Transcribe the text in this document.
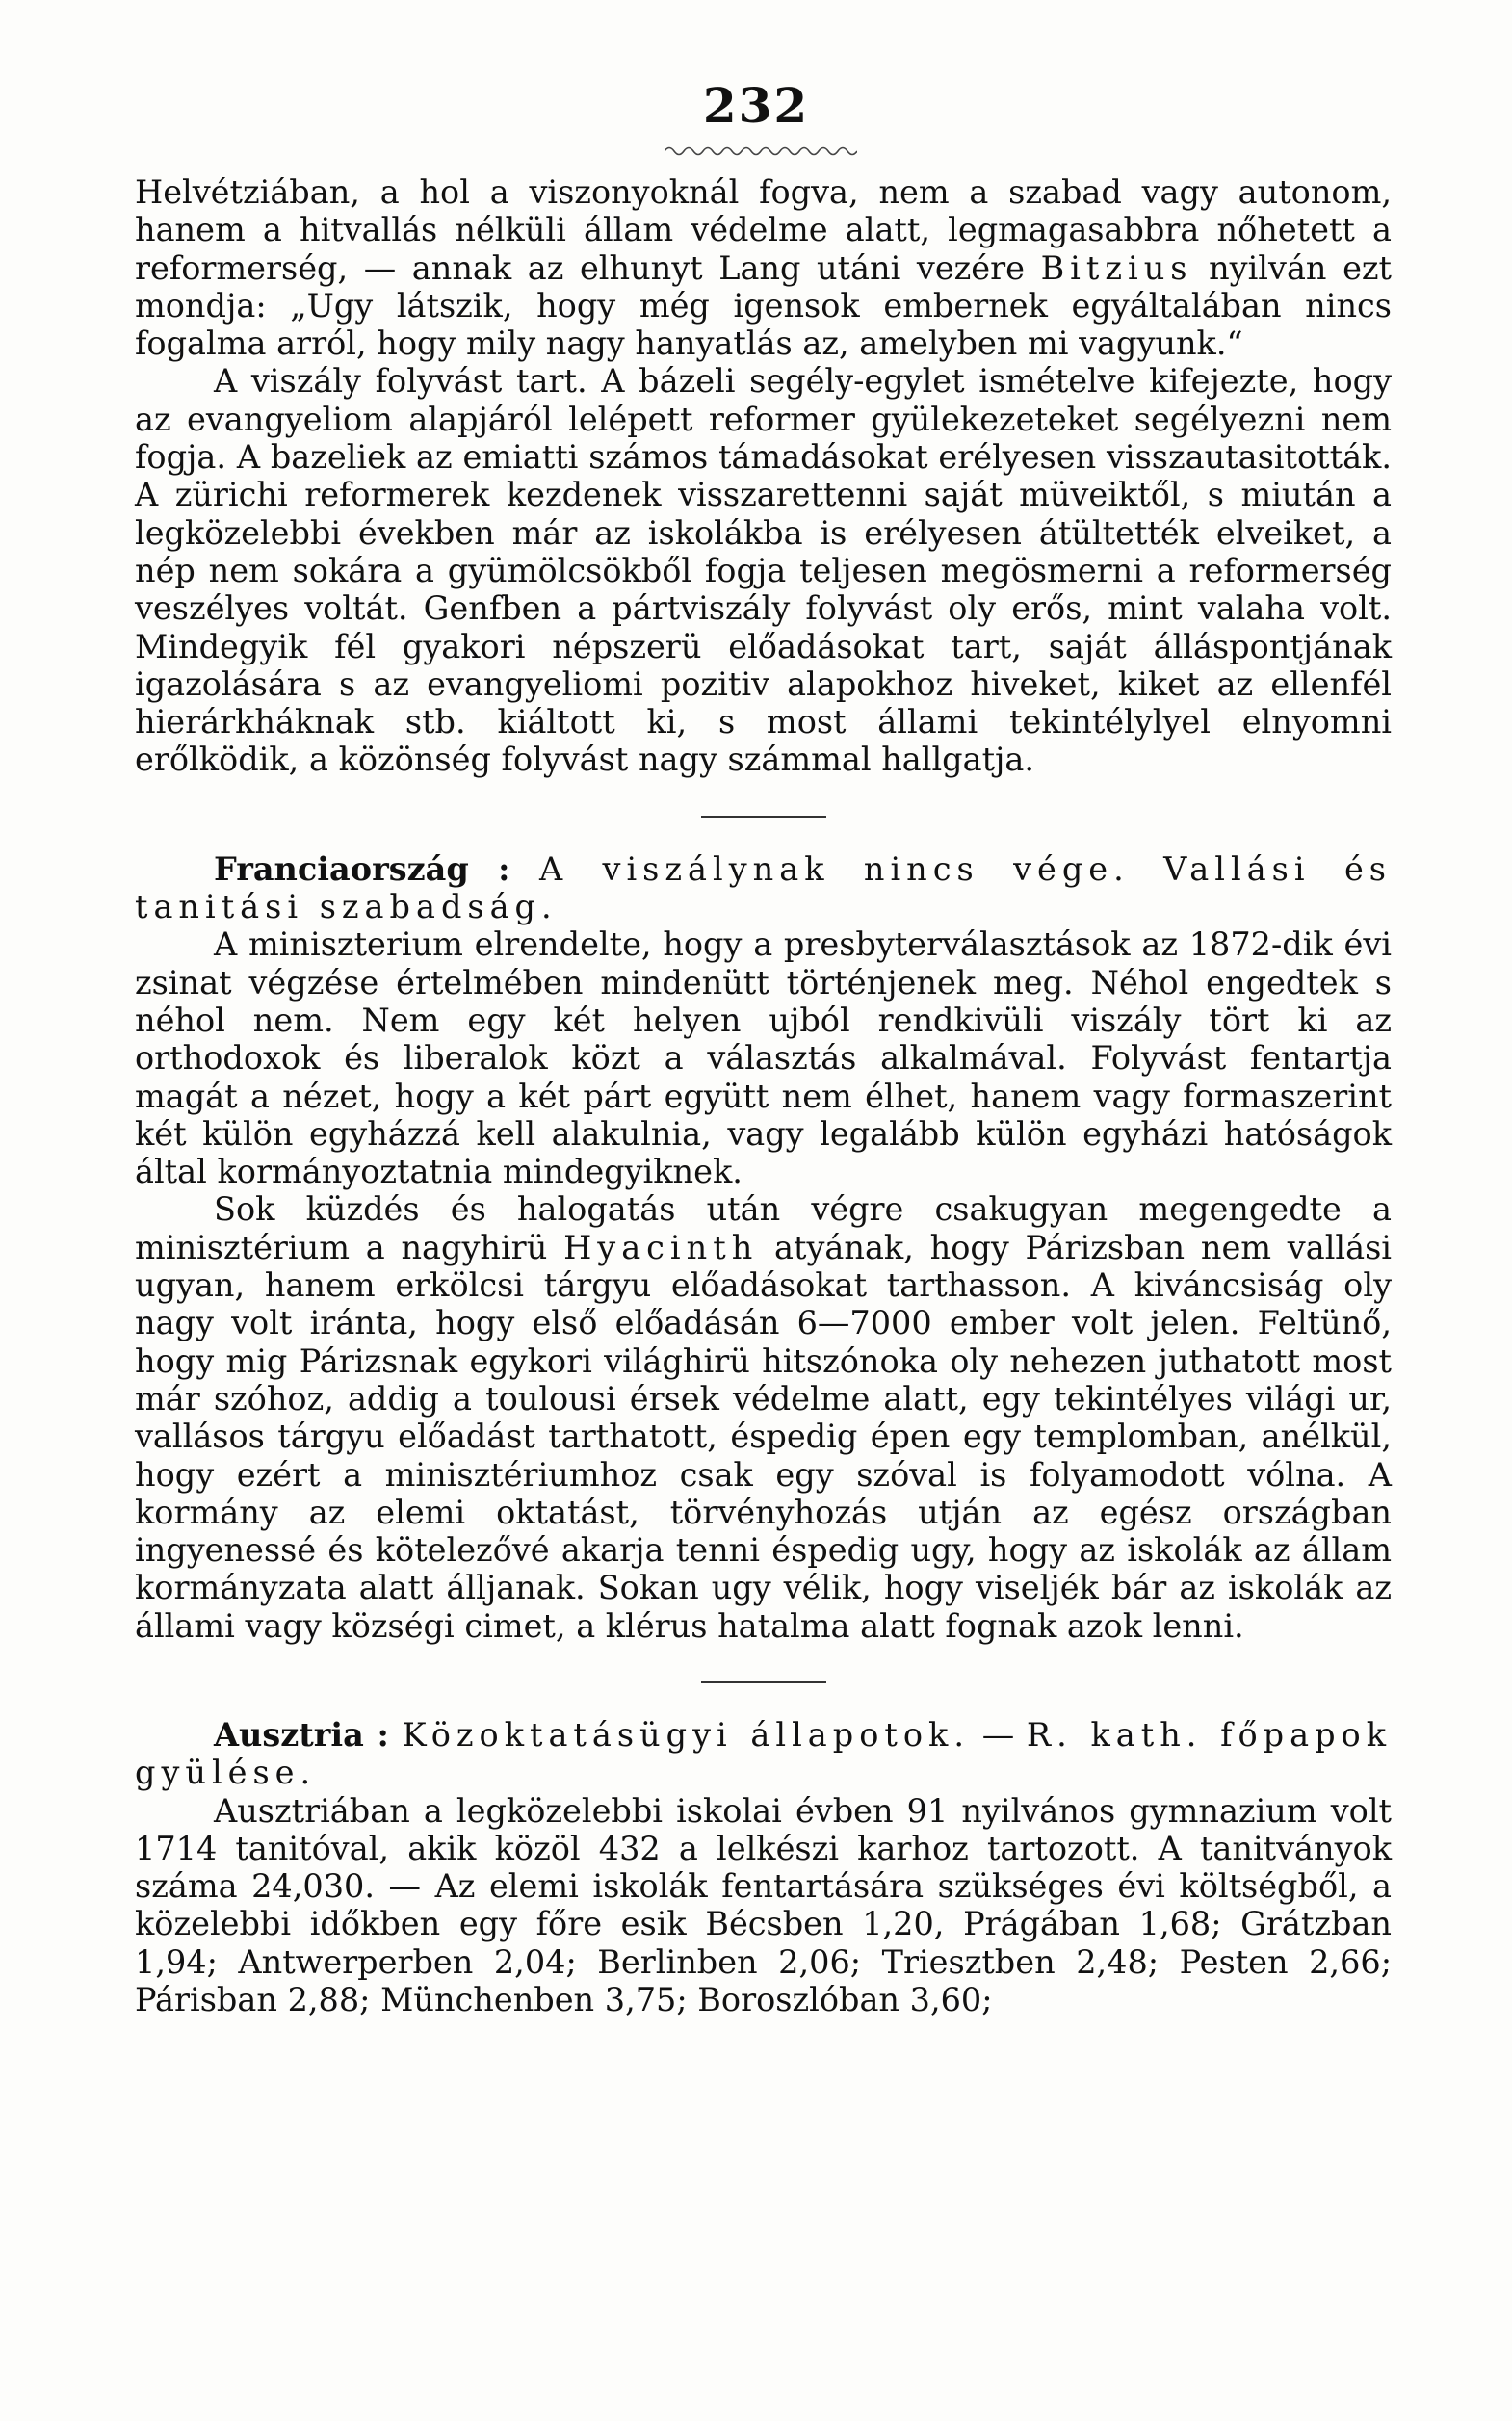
232

Helvétziában, a hol a viszonyoknál fogva, nem a szabad vagy autonom, hanem a hitvallás nélküli állam védelme alatt, legmagasabbra nőhetett a reformerség, — annak az elhunyt Lang utáni vezére Bitzius nyilván ezt mondja: „Ugy látszik, hogy még igensok embernek egyáltalában nincs fogalma arról, hogy mily nagy hanyatlás az, amelyben mi vagyunk.“

A viszály folyvást tart. A bázeli segély-egylet ismételve kifejezte, hogy az evangyeliom alapjáról lelépett reformer gyülekezeteket segélyezni nem fogja. A bazeliek az emiatti számos támadásokat erélyesen visszautasitották. A zürichi reformerek kezdenek visszarettenni saját müveiktől, s miután a legközelebbi években már az iskolákba is erélyesen átültették elveiket, a nép nem sokára a gyümölcsökből fogja teljesen megösmerni a reformerség veszélyes voltát. Genfben a pártviszály folyvást oly erős, mint valaha volt. Mindegyik fél gyakori népszerü előadásokat tart, saját álláspontjának igazolására s az evangyeliomi pozitiv alapokhoz hiveket, kiket az ellenfél hierárkháknak stb. kiáltott ki, s most állami tekintélylyel elnyomni erőlködik, a közönség folyvást nagy számmal hallgatja.

Franciaország : A viszálynak nincs vége. Vallási és tanitási szabadság.

A miniszterium elrendelte, hogy a presbyterválasztások az 1872-dik évi zsinat végzése értelmében mindenütt történjenek meg. Néhol engedtek s néhol nem. Nem egy két helyen ujból rendkivüli viszály tört ki az orthodoxok és liberalok közt a választás alkalmával. Folyvást fentartja magát a nézet, hogy a két párt együtt nem élhet, hanem vagy formaszerint két külön egyházzá kell alakulnia, vagy legalább külön egyházi hatóságok által kormányoztatnia mindegyiknek.

Sok küzdés és halogatás után végre csakugyan megengedte a minisztérium a nagyhirü Hyacinth atyának, hogy Párizsban nem vallási ugyan, hanem erkölcsi tárgyu előadásokat tarthasson. A kiváncsiság oly nagy volt iránta, hogy első előadásán 6—7000 ember volt jelen. Feltünő, hogy mig Párizsnak egykori világhirü hitszónoka oly nehezen juthatott most már szóhoz, addig a toulousi érsek védelme alatt, egy tekintélyes világi ur, vallásos tárgyu előadást tarthatott, éspedig épen egy templomban, anélkül, hogy ezért a minisztériumhoz csak egy szóval is folyamodott vólna. A kormány az elemi oktatást, törvényhozás utján az egész országban ingyenessé és kötelezővé akarja tenni éspedig ugy, hogy az iskolák az állam kormányzata alatt álljanak. Sokan ugy vélik, hogy viseljék bár az iskolák az állami vagy községi cimet, a klérus hatalma alatt fognak azok lenni.

Ausztria : Közoktatásügyi állapotok. — R. kath. főpapok gyülése.

Ausztriában a legközelebbi iskolai évben 91 nyilvános gymnazium volt 1714 tanitóval, akik közöl 432 a lelkészi karhoz tartozott. A tanitványok száma 24,030. — Az elemi iskolák fentartására szükséges évi költségből, a közelebbi időkben egy főre esik Bécsben 1,20, Prágában 1,68; Grátzban 1,94; Antwerperben 2,04; Berlinben 2,06; Triesztben 2,48; Pesten 2,66; Párisban 2,88; Münchenben 3,75; Boroszlóban 3,60;
